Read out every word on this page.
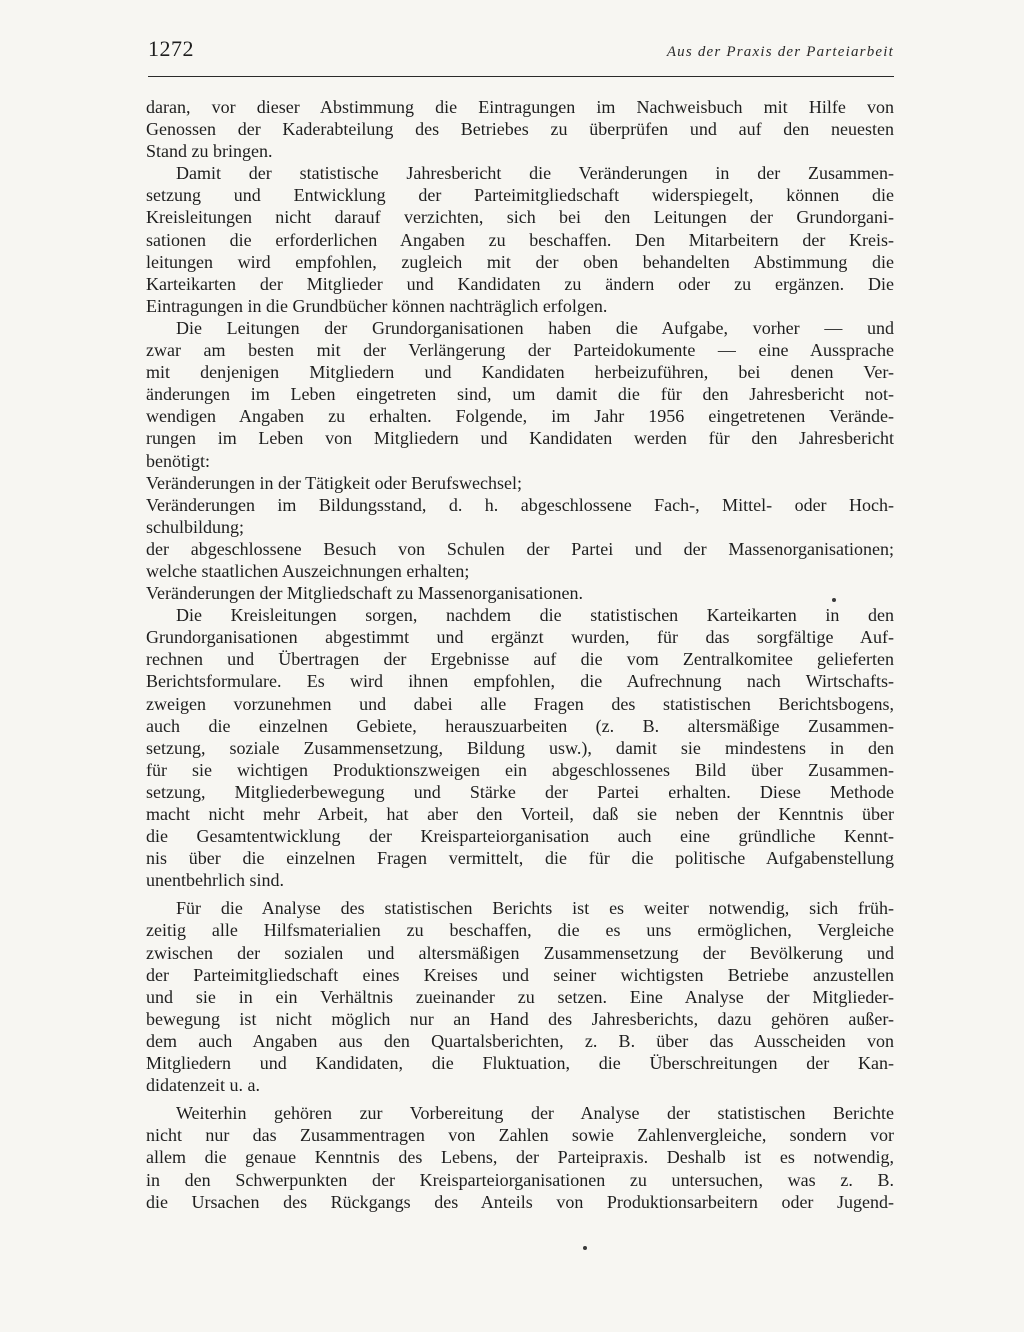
1272	Aus der Praxis der Parteiarbeit
daran, vor dieser Abstimmung die Eintragungen im Nachweisbuch mit Hilfe von
Genossen der Kaderabteilung des Betriebes zu überprüfen und auf den neuesten
Stand zu bringen.
Damit der statistische Jahresbericht die Veränderungen in der Zusammen-
setzung und Entwicklung der Parteimitgliedschaft widerspiegelt, können die
Kreisleitungen nicht darauf verzichten, sich bei den Leitungen der Grundorgani-
sationen die erforderlichen Angaben zu beschaffen. Den Mitarbeitern der Kreis-
leitungen wird empfohlen, zugleich mit der oben behandelten Abstimmung die
Karteikarten der Mitglieder und Kandidaten zu ändern oder zu ergänzen. Die
Eintragungen in die Grundbücher können nachträglich erfolgen.
Die Leitungen der Grundorganisationen haben die Aufgabe, vorher — und
zwar am besten mit der Verlängerung der Parteidokumente — eine Aussprache
mit denjenigen Mitgliedern und Kandidaten herbeizuführen, bei denen Ver-
änderungen im Leben eingetreten sind, um damit die für den Jahresbericht not-
wendigen Angaben zu erhalten. Folgende, im Jahr 1956 eingetretenen Verände-
rungen im Leben von Mitgliedern und Kandidaten werden für den Jahresbericht
benötigt:
Veränderungen in der Tätigkeit oder Berufswechsel;
Veränderungen im Bildungsstand, d. h. abgeschlossene Fach-, Mittel- oder Hoch-
schulbildung;
der abgeschlossene Besuch von Schulen der Partei und der Massenorganisationen;
welche staatlichen Auszeichnungen erhalten;
Veränderungen der Mitgliedschaft zu Massenorganisationen.
Die Kreisleitungen sorgen, nachdem die statistischen Karteikarten in den
Grundorganisationen abgestimmt und ergänzt wurden, für das sorgfältige Auf-
rechnen und Übertragen der Ergebnisse auf die vom Zentralkomitee gelieferten
Berichtsformulare. Es wird ihnen empfohlen, die Aufrechnung nach Wirtschafts-
zweigen vorzunehmen und dabei alle Fragen des statistischen Berichtsbogens,
auch die einzelnen Gebiete, herauszuarbeiten (z. B. altersmäßige Zusammen-
setzung, soziale Zusammensetzung, Bildung usw.), damit sie mindestens in den
für sie wichtigen Produktionszweigen ein abgeschlossenes Bild über Zusammen-
setzung, Mitgliederbewegung und Stärke der Partei erhalten. Diese Methode
macht nicht mehr Arbeit, hat aber den Vorteil, daß sie neben der Kenntnis über
die Gesamtentwicklung der Kreisparteiorganisation auch eine gründliche Kennt-
nis über die einzelnen Fragen vermittelt, die für die politische Aufgabenstellung
unentbehrlich sind.
Für die Analyse des statistischen Berichts ist es weiter notwendig, sich früh-
zeitig alle Hilfsmaterialien zu beschaffen, die es uns ermöglichen, Vergleiche
zwischen der sozialen und altersmäßigen Zusammensetzung der Bevölkerung und
der Parteimitgliedschaft eines Kreises und seiner wichtigsten Betriebe anzustellen
und sie in ein Verhältnis zueinander zu setzen. Eine Analyse der Mitglieder-
bewegung ist nicht möglich nur an Hand des Jahresberichts, dazu gehören außer-
dem auch Angaben aus den Quartalsberichten, z. B. über das Ausscheiden von
Mitgliedern und Kandidaten, die Fluktuation, die Überschreitungen der Kan-
didatenzeit u. a.
Weiterhin gehören zur Vorbereitung der Analyse der statistischen Berichte
nicht nur das Zusammentragen von Zahlen sowie Zahlenvergleiche, sondern vor
allem die genaue Kenntnis des Lebens, der Parteipraxis. Deshalb ist es notwendig,
in den Schwerpunkten der Kreisparteiorganisationen zu untersuchen, was z. B.
die Ursachen des Rückgangs des Anteils von Produktionsarbeitern oder Jugend-
